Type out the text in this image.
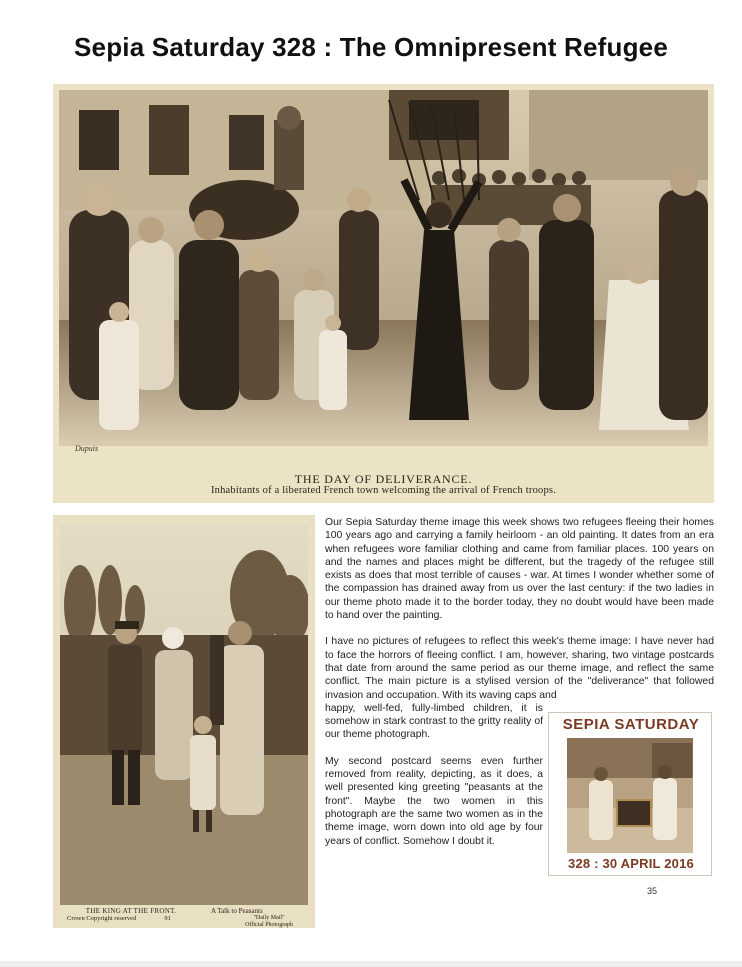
Sepia Saturday 328 : The Omnipresent Refugee
Dupuis
THE DAY OF DELIVERANCE.
Inhabitants of a liberated French town welcoming the arrival of French troops.
THE KING AT THE FRONT.
Crown Copyright reserved	91
A Talk to Peasants
"Daily Mail"
Official Photograph

Our Sepia Saturday theme image this week shows two refugees fleeing their homes 100 years ago and carrying a family heirloom - an old painting. It dates from an era when refugees wore familiar clothing and came from familiar places. 100 years on and the names and places might be different, but the tragedy of the refugee still exists as does that most terrible of causes - war. At times I wonder whether some of the compassion has drained away from us over the last century: if the two ladies in our theme photo made it to the border today, they no doubt would have been made to hand over the painting.

I have no pictures of refugees to reflect this week's theme image: I have never had to face the horrors of fleeing conflict. I am, however, sharing, two vintage postcards that date from around the same period as our theme image, and reflect the same conflict. The main picture is a stylised version of the "deliverance" that followed invasion and occupation. With its waving caps and

happy, well-fed, fully-limbed children, it is somehow in stark contrast to the gritty reality of our theme photograph.

My second postcard seems even further removed from reality, depicting, as it does, a well presented king greeting "peasants at the front". Maybe the two women in this photograph are the same two women as in the theme image, worn down into old age by four years of conflict. Somehow I doubt it.

SEPIA SATURDAY
328 : 30 APRIL 2016
35
